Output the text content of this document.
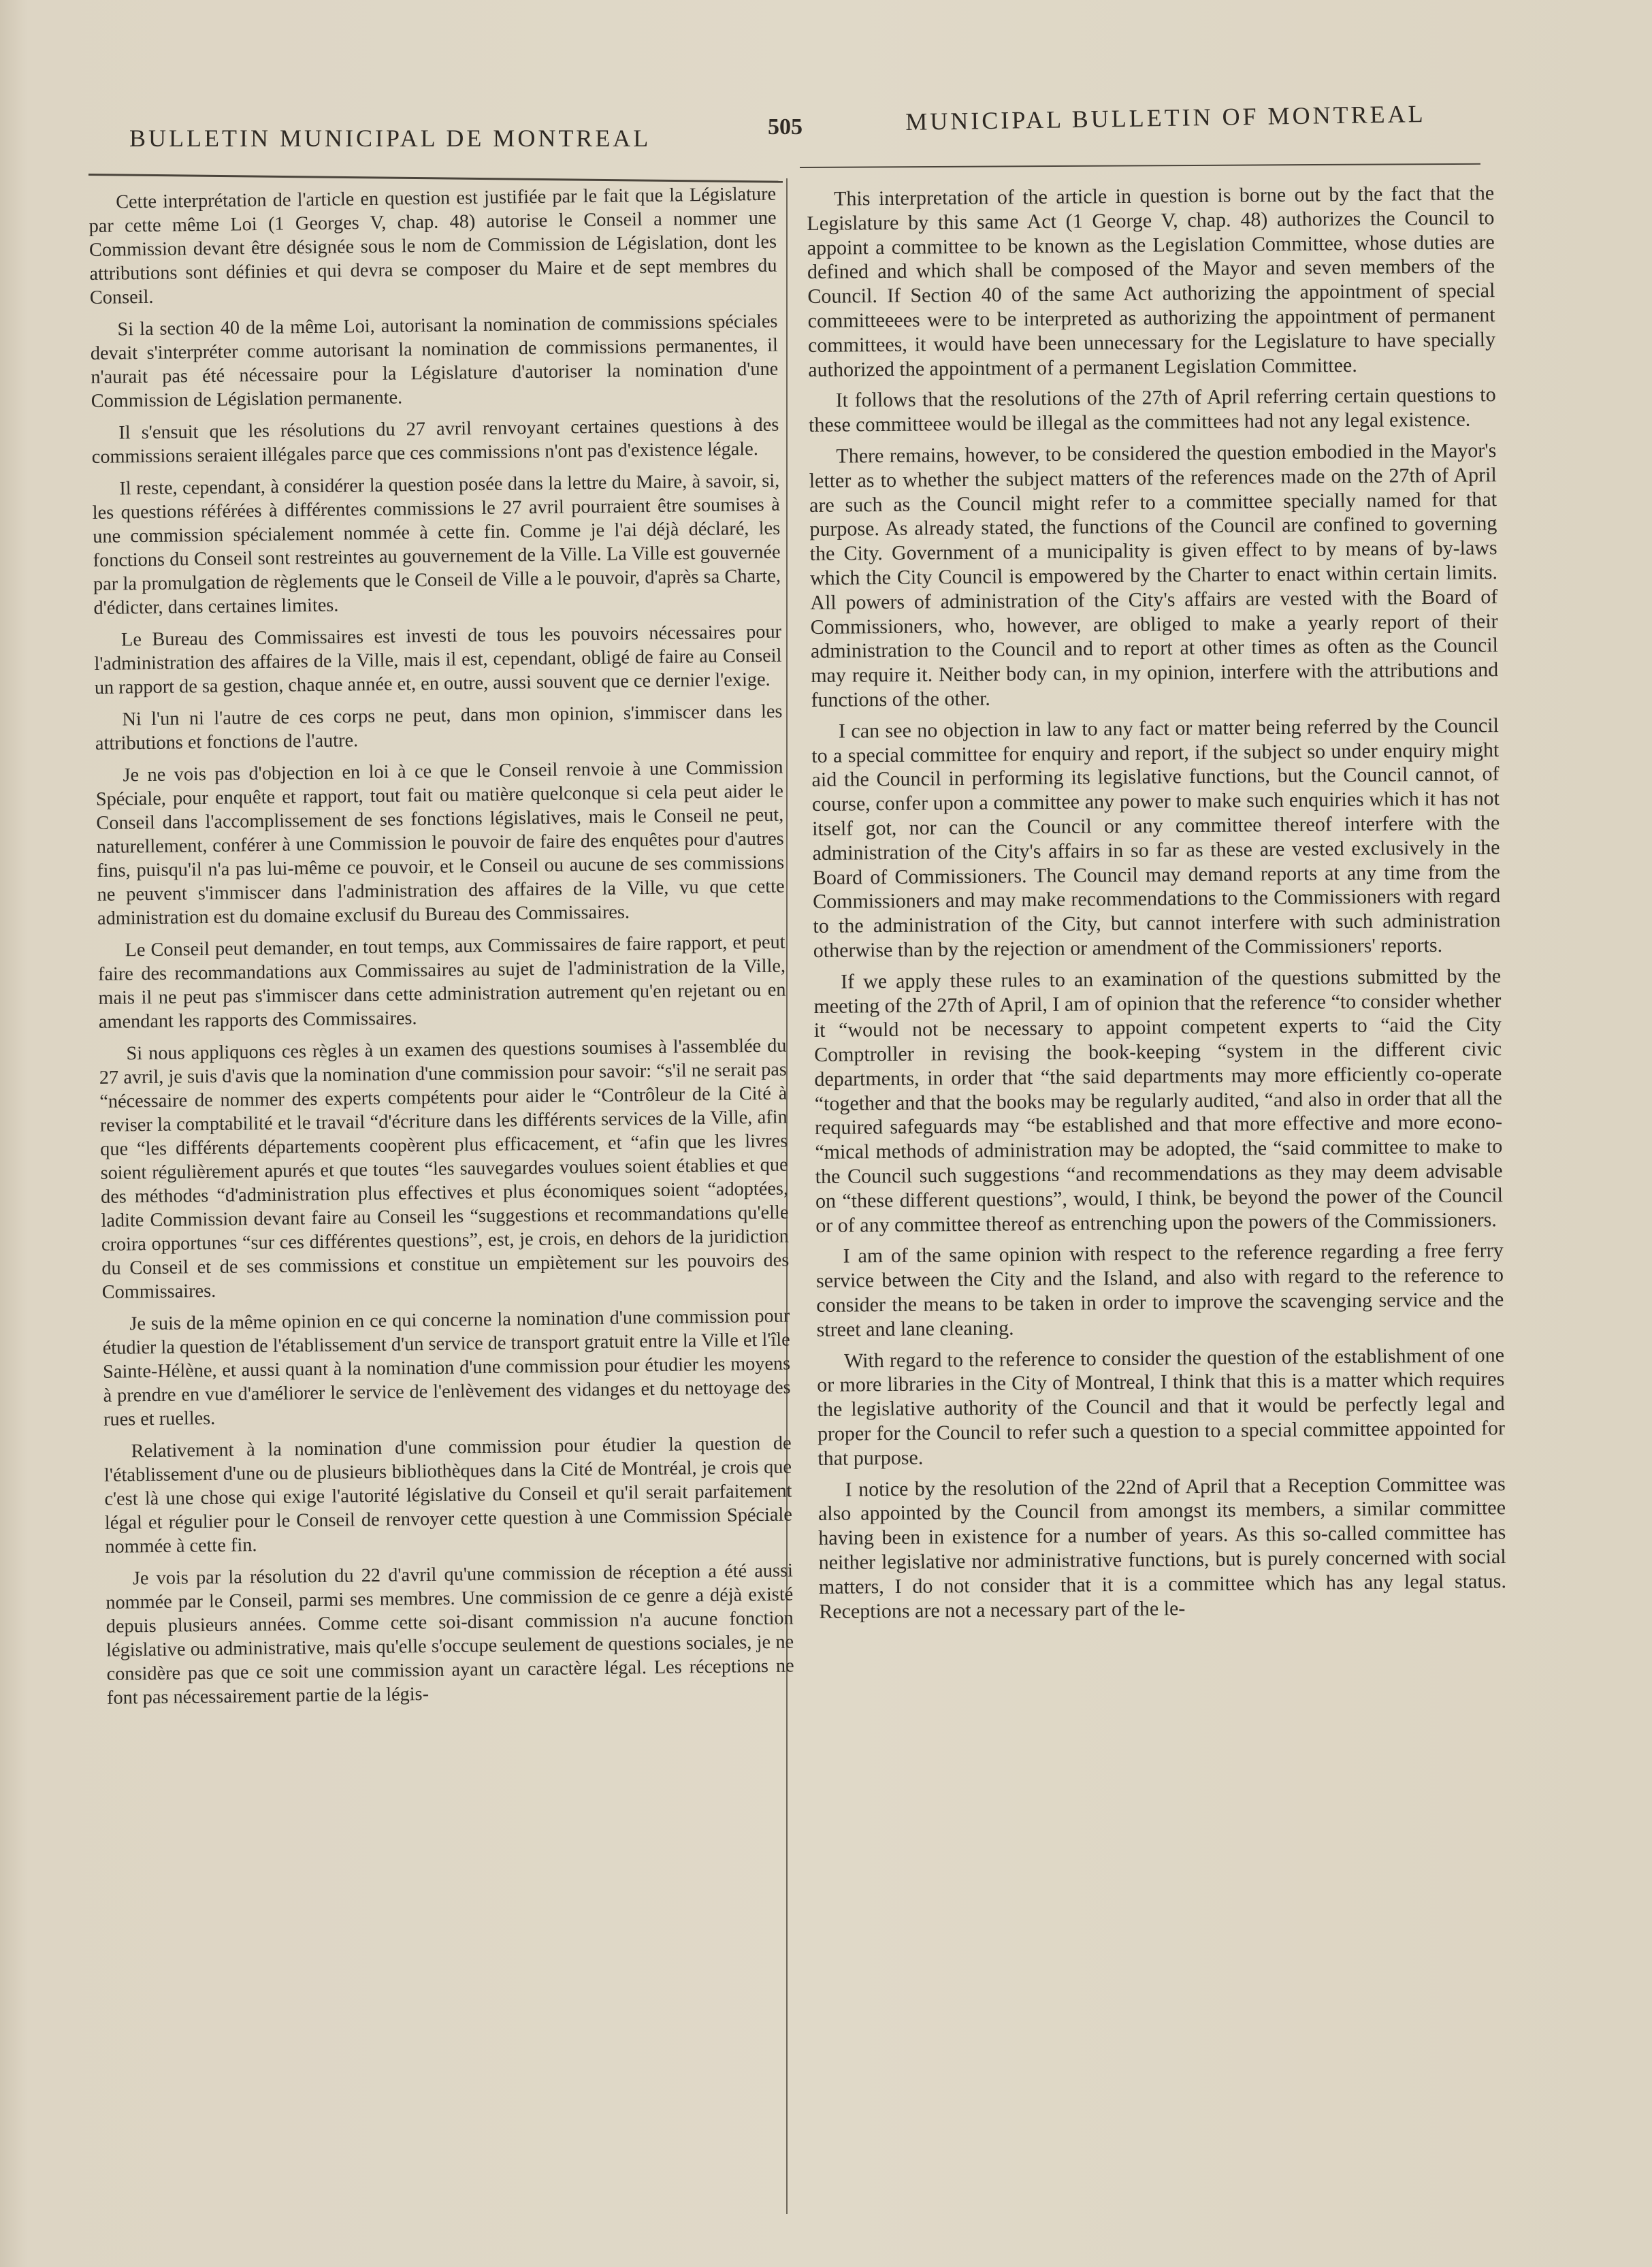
BULLETIN MUNICIPAL DE MONTREAL	505	MUNICIPAL BULLETIN OF MONTREAL

Cette interprétation de l'article en question est justifiée par le fait que la Législature par cette même Loi (1 Georges V, chap. 48) autorise le Conseil a nommer une Commission devant être désignée sous le nom de Commission de Législation, dont les attributions sont définies et qui devra se composer du Maire et de sept membres du Conseil.

Si la section 40 de la même Loi, autorisant la nomination de commissions spéciales devait s'interpréter comme autorisant la nomination de commissions permanentes, il n'aurait pas été nécessaire pour la Législature d'autoriser la nomination d'une Commission de Législation permanente.

Il s'ensuit que les résolutions du 27 avril renvoyant certaines questions à des commissions seraient illégales parce que ces commissions n'ont pas d'existence légale.

Il reste, cependant, à considérer la question posée dans la lettre du Maire, à savoir, si, les questions référées à différentes commissions le 27 avril pourraient être soumises à une commission spécialement nommée à cette fin. Comme je l'ai déjà déclaré, les fonctions du Conseil sont restreintes au gouvernement de la Ville. La Ville est gouvernée par la promulgation de règlements que le Conseil de Ville a le pouvoir, d'après sa Charte, d'édicter, dans certaines limites.

Le Bureau des Commissaires est investi de tous les pouvoirs nécessaires pour l'administration des affaires de la Ville, mais il est, cependant, obligé de faire au Conseil un rapport de sa gestion, chaque année et, en outre, aussi souvent que ce dernier l'exige.

Ni l'un ni l'autre de ces corps ne peut, dans mon opinion, s'immiscer dans les attributions et fonctions de l'autre.

Je ne vois pas d'objection en loi à ce que le Conseil renvoie à une Commission Spéciale, pour enquête et rapport, tout fait ou matière quelconque si cela peut aider le Conseil dans l'accomplissement de ses fonctions législatives, mais le Conseil ne peut, naturellement, conférer à une Commission le pouvoir de faire des enquêtes pour d'autres fins, puisqu'il n'a pas lui-même ce pouvoir, et le Conseil ou aucune de ses commissions ne peuvent s'immiscer dans l'administration des affaires de la Ville, vu que cette administration est du domaine exclusif du Bureau des Commissaires.

Le Conseil peut demander, en tout temps, aux Commissaires de faire rapport, et peut faire des recommandations aux Commissaires au sujet de l'administration de la Ville, mais il ne peut pas s'immiscer dans cette administration autrement qu'en rejetant ou en amendant les rapports des Commissaires.

Si nous appliquons ces règles à un examen des questions soumises à l'assemblée du 27 avril, je suis d'avis que la nomination d'une commission pour savoir: “s'il ne serait pas “nécessaire de nommer des experts compétents pour aider le “Contrôleur de la Cité à reviser la comptabilité et le travail “d'écriture dans les différents services de la Ville, afin que “les différents départements coopèrent plus efficacement, et “afin que les livres soient régulièrement apurés et que toutes “les sauvegardes voulues soient établies et que des méthodes “d'administration plus effectives et plus économiques soient “adoptées, ladite Commission devant faire au Conseil les “suggestions et recommandations qu'elle croira opportunes “sur ces différentes questions”, est, je crois, en dehors de la juridiction du Conseil et de ses commissions et constitue un empiètement sur les pouvoirs des Commissaires.

Je suis de la même opinion en ce qui concerne la nomination d'une commission pour étudier la question de l'établissement d'un service de transport gratuit entre la Ville et l'île Sainte-Hélène, et aussi quant à la nomination d'une commission pour étudier les moyens à prendre en vue d'améliorer le service de l'enlèvement des vidanges et du nettoyage des rues et ruelles.

Relativement à la nomination d'une commission pour étudier la question de l'établissement d'une ou de plusieurs bibliothèques dans la Cité de Montréal, je crois que c'est là une chose qui exige l'autorité législative du Conseil et qu'il serait parfaitement légal et régulier pour le Conseil de renvoyer cette question à une Commission Spéciale nommée à cette fin.

Je vois par la résolution du 22 d'avril qu'une commission de réception a été aussi nommée par le Conseil, parmi ses membres. Une commission de ce genre a déjà existé depuis plusieurs années. Comme cette soi-disant commission n'a aucune fonction législative ou administrative, mais qu'elle s'occupe seulement de questions sociales, je ne considère pas que ce soit une commission ayant un caractère légal. Les réceptions ne font pas nécessairement partie de la légis-

This interpretation of the article in question is borne out by the fact that the Legislature by this same Act (1 George V, chap. 48) authorizes the Council to appoint a committee to be known as the Legislation Committee, whose duties are defined and which shall be composed of the Mayor and seven members of the Council. If Section 40 of the same Act authorizing the appointment of special committeeees were to be interpreted as authorizing the appointment of permanent committees, it would have been unnecessary for the Legislature to have specially authorized the appointment of a permanent Legislation Committee.

It follows that the resolutions of the 27th of April referring certain questions to these committeee would be illegal as the committees had not any legal existence.

There remains, however, to be considered the question embodied in the Mayor's letter as to whether the subject matters of the references made on the 27th of April are such as the Council might refer to a committee specially named for that purpose. As already stated, the functions of the Council are confined to governing the City. Government of a municipality is given effect to by means of by-laws which the City Council is empowered by the Charter to enact within certain limits. All powers of administration of the City's affairs are vested with the Board of Commissioners, who, however, are obliged to make a yearly report of their administration to the Council and to report at other times as often as the Council may require it. Neither body can, in my opinion, interfere with the attributions and functions of the other.

I can see no objection in law to any fact or matter being referred by the Council to a special committee for enquiry and report, if the subject so under enquiry might aid the Council in performing its legislative functions, but the Council cannot, of course, confer upon a committee any power to make such enquiries which it has not itself got, nor can the Council or any committee thereof interfere with the administration of the City's affairs in so far as these are vested exclusively in the Board of Commissioners. The Council may demand reports at any time from the Commissioners and may make recommendations to the Commissioners with regard to the administration of the City, but cannot interfere with such administration otherwise than by the rejection or amendment of the Commissioners' reports.

If we apply these rules to an examination of the questions submitted by the meeting of the 27th of April, I am of opinion that the reference “to consider whether it “would not be necessary to appoint competent experts to “aid the City Comptroller in revising the book-keeping “system in the different civic departments, in order that “the said departments may more efficiently co-operate “together and that the books may be regularly audited, “and also in order that all the required safeguards may “be established and that more effective and more econo- “mical methods of administration may be adopted, the “said committee to make to the Council such suggestions “and recommendations as they may deem advisable on “these different questions”, would, I think, be beyond the power of the Council or of any committee thereof as entrenching upon the powers of the Commissioners.

I am of the same opinion with respect to the reference regarding a free ferry service between the City and the Island, and also with regard to the reference to consider the means to be taken in order to improve the scavenging service and the street and lane cleaning.

With regard to the reference to consider the question of the establishment of one or more libraries in the City of Montreal, I think that this is a matter which requires the legislative authority of the Council and that it would be perfectly legal and proper for the Council to refer such a question to a special committee appointed for that purpose.

I notice by the resolution of the 22nd of April that a Reception Committee was also appointed by the Council from amongst its members, a similar committee having been in existence for a number of years. As this so-called committee has neither legislative nor administrative functions, but is purely concerned with social matters, I do not consider that it is a committee which has any legal status. Receptions are not a necessary part of the le-
